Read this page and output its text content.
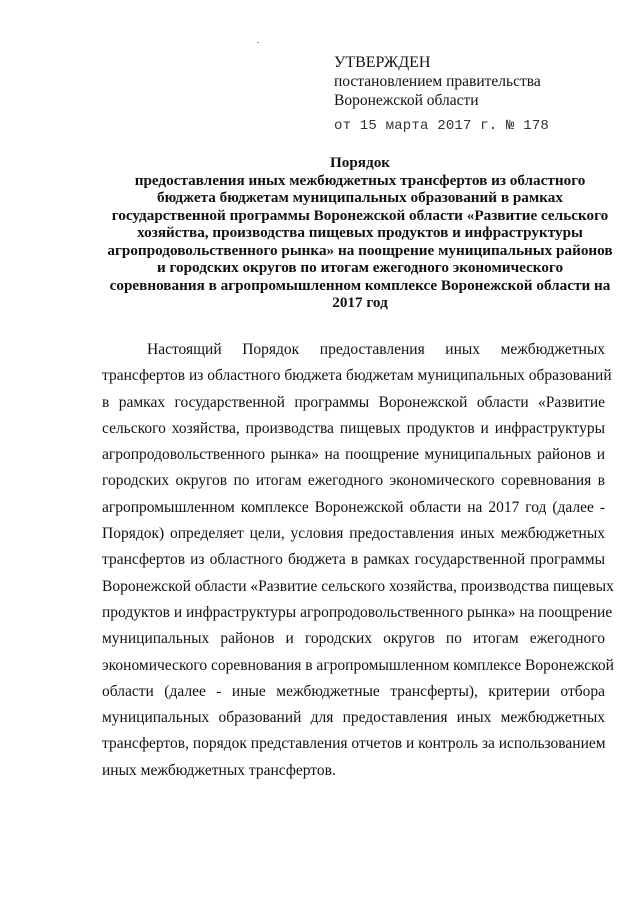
УТВЕРЖДЕН
постановлением правительства
Воронежской области
от 15 марта 2017 г. № 178
Порядок
предоставления иных межбюджетных трансфертов из областного
бюджета бюджетам муниципальных образований в рамках
государственной программы Воронежской области «Развитие сельского
хозяйства, производства пищевых продуктов и инфраструктуры
агропродовольственного рынка» на поощрение муниципальных районов
и городских округов по итогам ежегодного экономического
соревнования в агропромышленном комплексе Воронежской области на
2017 год
Настоящий Порядок предоставления иных межбюджетных
трансфертов из областного бюджета бюджетам муниципальных образований
в рамках государственной программы Воронежской области «Развитие
сельского хозяйства, производства пищевых продуктов и инфраструктуры
агропродовольственного рынка» на поощрение муниципальных районов и
городских округов по итогам ежегодного экономического соревнования в
агропромышленном комплексе Воронежской области на 2017 год (далее -
Порядок) определяет цели, условия предоставления иных межбюджетных
трансфертов из областного бюджета в рамках государственной программы
Воронежской области «Развитие сельского хозяйства, производства пищевых
продуктов и инфраструктуры агропродовольственного рынка» на поощрение
муниципальных районов и городских округов по итогам ежегодного
экономического соревнования в агропромышленном комплексе Воронежской
области (далее - иные межбюджетные трансферты), критерии отбора
муниципальных образований для предоставления иных межбюджетных
трансфертов, порядок представления отчетов и контроль за использованием
иных межбюджетных трансфертов.
